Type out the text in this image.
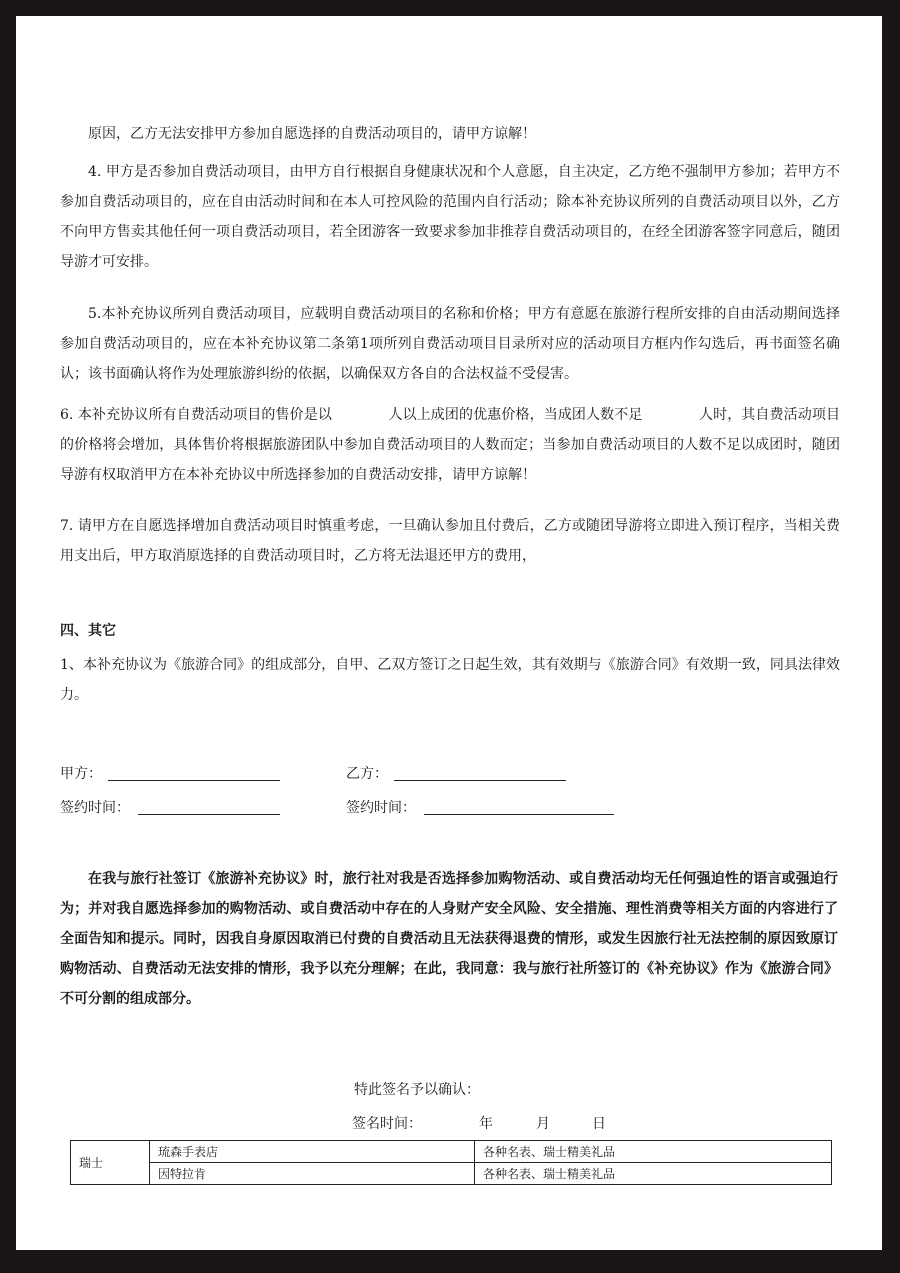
原因，乙方无法安排甲方参加自愿选择的自费活动项目的，请甲方谅解！

4. 甲方是否参加自费活动项目，由甲方自行根据自身健康状况和个人意愿，自主决定，乙方绝不强制甲方参加；若甲方不参加自费活动项目的，应在自由活动时间和在本人可控风险的范围内自行活动；除本补充协议所列的自费活动项目以外，乙方不向甲方售卖其他任何一项自费活动项目，若全团游客一致要求参加非推荐自费活动项目的，在经全团游客签字同意后，随团导游才可安排。

5.本补充协议所列自费活动项目，应载明自费活动项目的名称和价格；甲方有意愿在旅游行程所安排的自由活动期间选择参加自费活动项目的，应在本补充协议第二条第1项所列自费活动项目目录所对应的活动项目方框内作勾选后，再书面签名确认；该书面确认将作为处理旅游纠纷的依据，以确保双方各自的合法权益不受侵害。

6. 本补充协议所有自费活动项目的售价是以　　　　人以上成团的优惠价格，当成团人数不足　　　　人时，其自费活动项目的价格将会增加，具体售价将根据旅游团队中参加自费活动项目的人数而定；当参加自费活动项目的人数不足以成团时，随团导游有权取消甲方在本补充协议中所选择参加的自费活动安排，请甲方谅解！

7. 请甲方在自愿选择增加自费活动项目时慎重考虑，一旦确认参加且付费后，乙方或随团导游将立即进入预订程序，当相关费用支出后，甲方取消原选择的自费活动项目时，乙方将无法退还甲方的费用，

四、其它

1、本补充协议为《旅游合同》的组成部分，自甲、乙双方签订之日起生效，其有效期与《旅游合同》有效期一致，同具法律效力。

甲方：	乙方：
签约时间：	签约时间：

在我与旅行社签订《旅游补充协议》时，旅行社对我是否选择参加购物活动、或自费活动均无任何强迫性的语言或强迫行为；并对我自愿选择参加的购物活动、或自费活动中存在的人身财产安全风险、安全措施、理性消费等相关方面的内容进行了全面告知和提示。同时，因我自身原因取消已付费的自费活动且无法获得退费的情形，或发生因旅行社无法控制的原因致原订购物活动、自费活动无法安排的情形，我予以充分理解；在此，我同意：我与旅行社所签订的《补充协议》作为《旅游合同》不可分割的组成部分。

特此签名予以确认：
签名时间：	年	月	日
瑞士	琉森手表店	各种名表、瑞士精美礼品
	因特拉肯	各种名表、瑞士精美礼品
